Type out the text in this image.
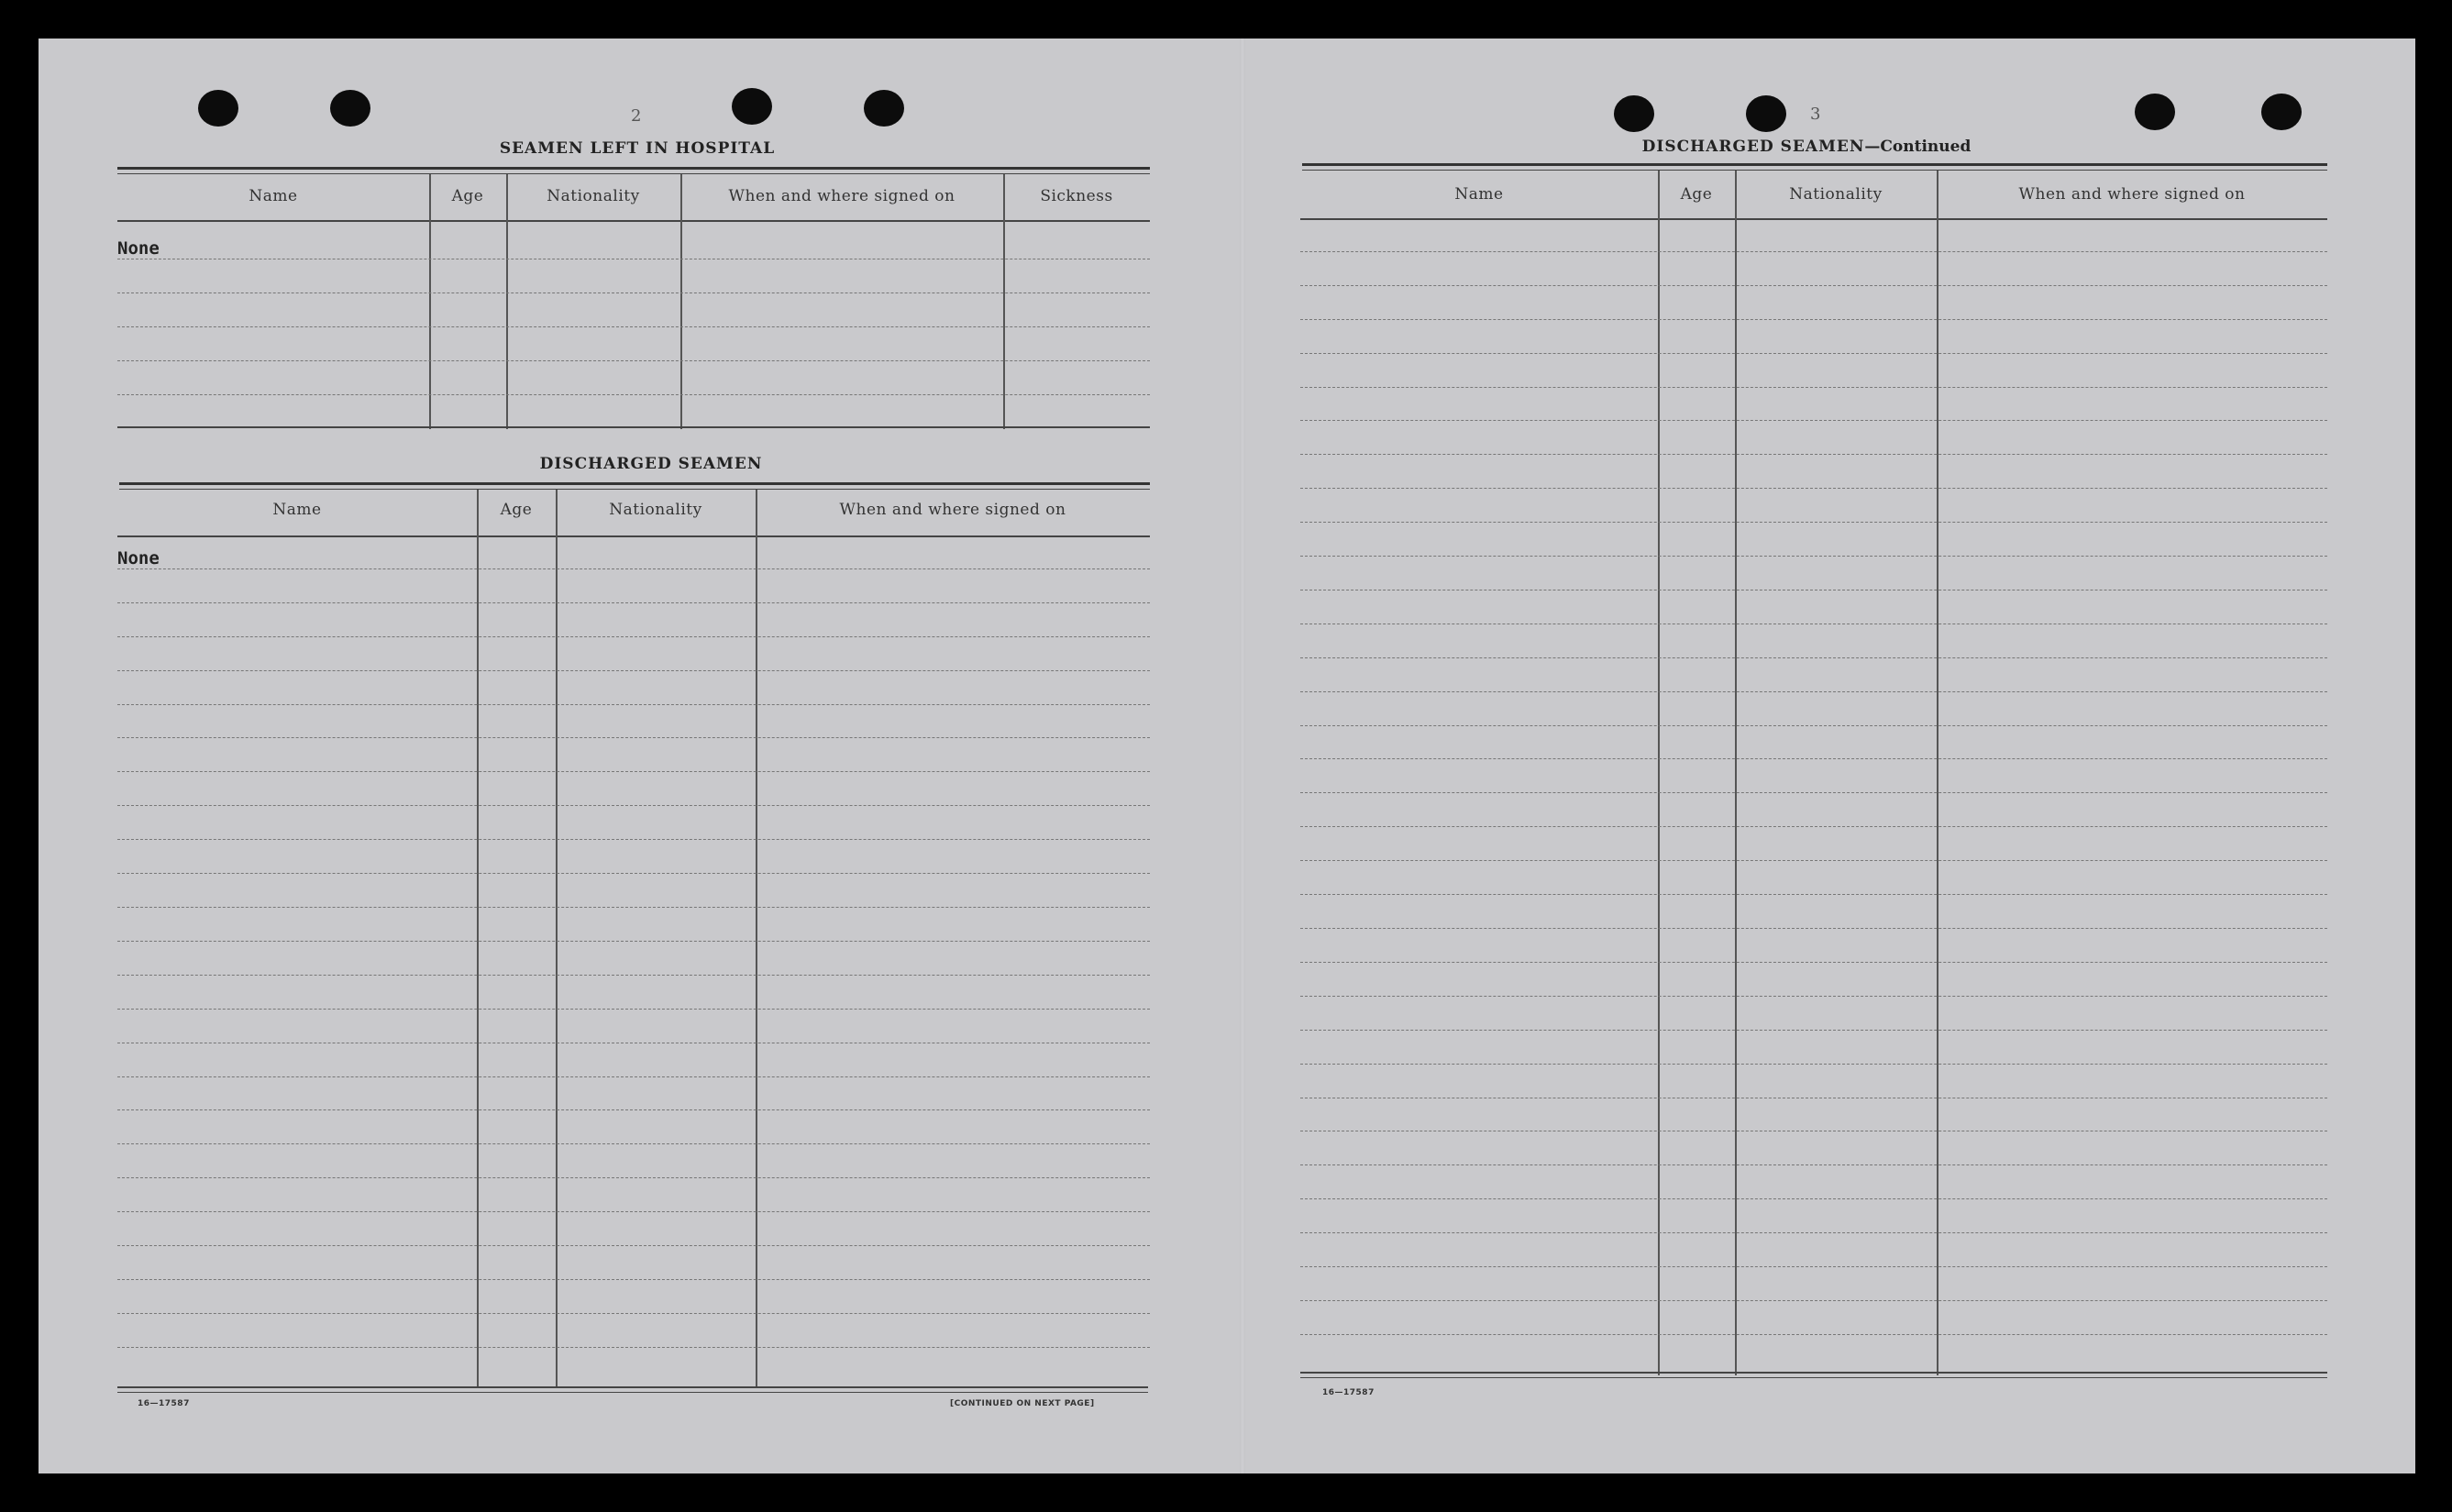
2
SEAMEN LEFT IN HOSPITAL
Name	Age	Nationality	When and where signed on	Sickness
None
DISCHARGED SEAMEN
Name	Age	Nationality	When and where signed on
None
16—17587	[CONTINUED ON NEXT PAGE]
3
DISCHARGED SEAMEN—Continued
Name	Age	Nationality	When and where signed on
16—17587
